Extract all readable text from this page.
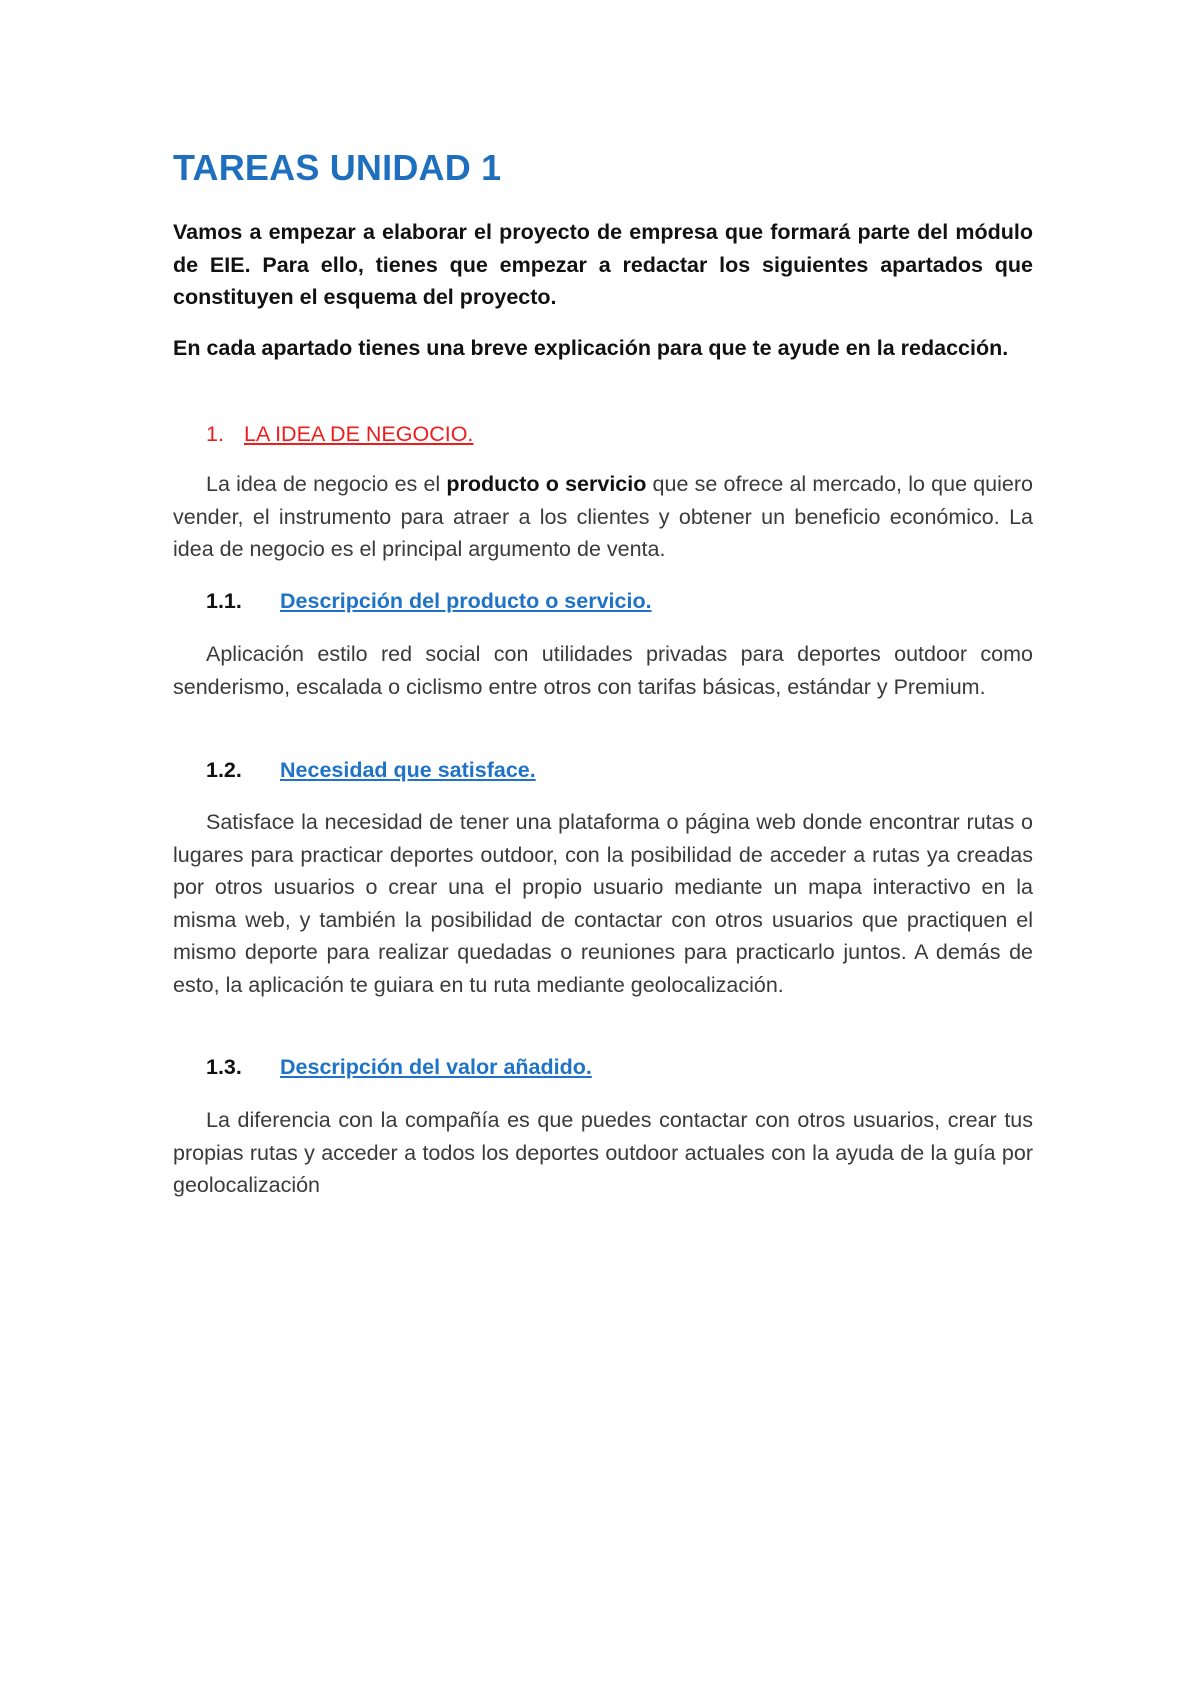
TAREAS UNIDAD 1

Vamos a empezar a elaborar el proyecto de empresa que formará parte del módulo de EIE. Para ello, tienes que empezar a redactar los siguientes apartados que constituyen el esquema del proyecto.

En cada apartado tienes una breve explicación para que te ayude en la redacción.

1. LA IDEA DE NEGOCIO.

La idea de negocio es el producto o servicio que se ofrece al mercado, lo que quiero vender, el instrumento para atraer a los clientes y obtener un beneficio económico. La idea de negocio es el principal argumento de venta.

1.1. Descripción del producto o servicio.

Aplicación estilo red social con utilidades privadas para deportes outdoor como senderismo, escalada o ciclismo entre otros con tarifas básicas, estándar y Premium.

1.2. Necesidad que satisface.

Satisface la necesidad de tener una plataforma o página web donde encontrar rutas o lugares para practicar deportes outdoor, con la posibilidad de acceder a rutas ya creadas por otros usuarios o crear una el propio usuario mediante un mapa interactivo en la misma web, y también la posibilidad de contactar con otros usuarios que practiquen el mismo deporte para realizar quedadas o reuniones para practicarlo juntos. A demás de esto, la aplicación te guiara en tu ruta mediante geolocalización.

1.3. Descripción del valor añadido.

La diferencia con la compañía es que puedes contactar con otros usuarios, crear tus propias rutas y acceder a todos los deportes outdoor actuales con la ayuda de la guía por geolocalización
